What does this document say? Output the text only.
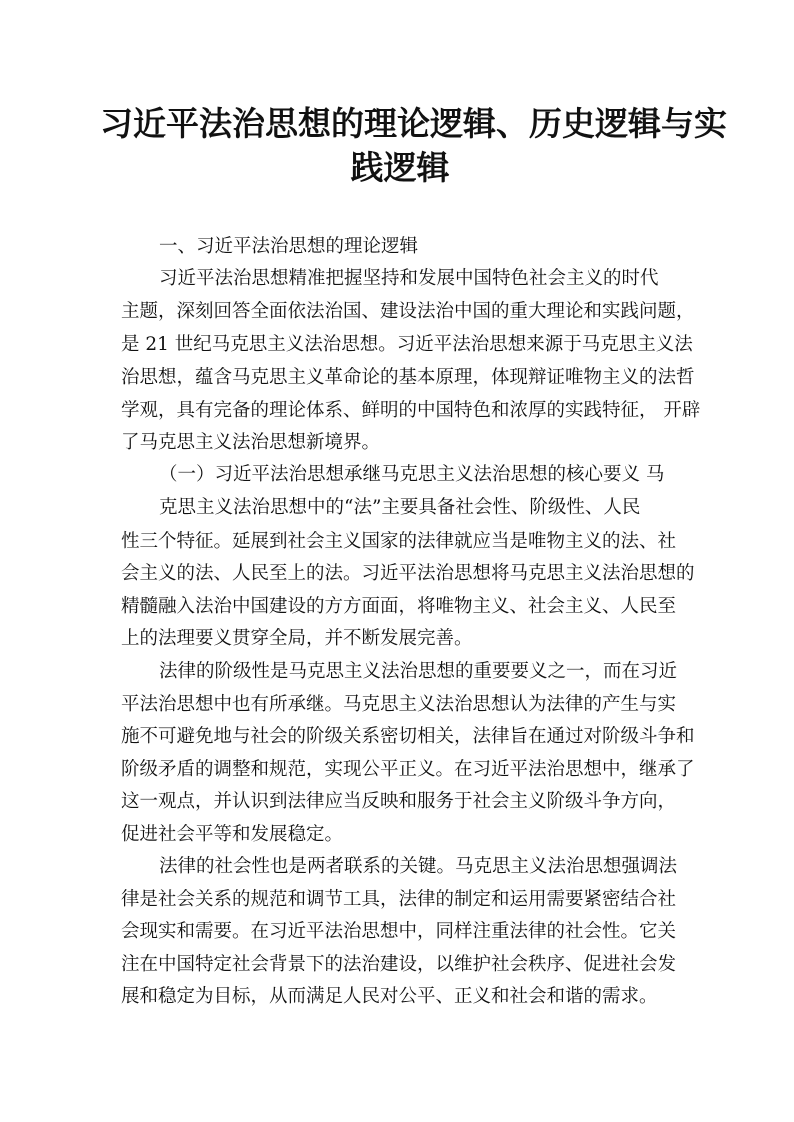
习近平法治思想的理论逻辑、历史逻辑与实
践逻辑

一、习近平法治思想的理论逻辑

习近平法治思想精准把握坚持和发展中国特色社会主义的时代

主题，深刻回答全面依法治国、建设法治中国的重大理论和实践问题，

是 21 世纪马克思主义法治思想。习近平法治思想来源于马克思主义法

治思想，蕴含马克思主义革命论的基本原理，体现辩证唯物主义的法哲

学观，具有完备的理论体系、鲜明的中国特色和浓厚的实践特征， 开辟

了马克思主义法治思想新境界。

（一）习近平法治思想承继马克思主义法治思想的核心要义 马

克思主义法治思想中的“法”主要具备社会性、阶级性、人民

性三个特征。延展到社会主义国家的法律就应当是唯物主义的法、社

会主义的法、人民至上的法。习近平法治思想将马克思主义法治思想的

精髓融入法治中国建设的方方面面，将唯物主义、社会主义、人民至

上的法理要义贯穿全局，并不断发展完善。

法律的阶级性是马克思主义法治思想的重要要义之一，而在习近

平法治思想中也有所承继。马克思主义法治思想认为法律的产生与实

施不可避免地与社会的阶级关系密切相关，法律旨在通过对阶级斗争和

阶级矛盾的调整和规范，实现公平正义。在习近平法治思想中，继承了

这一观点，并认识到法律应当反映和服务于社会主义阶级斗争方向，

促进社会平等和发展稳定。

法律的社会性也是两者联系的关键。马克思主义法治思想强调法

律是社会关系的规范和调节工具，法律的制定和运用需要紧密结合社

会现实和需要。在习近平法治思想中，同样注重法律的社会性。它关

注在中国特定社会背景下的法治建设，以维护社会秩序、促进社会发

展和稳定为目标，从而满足人民对公平、正义和社会和谐的需求。
